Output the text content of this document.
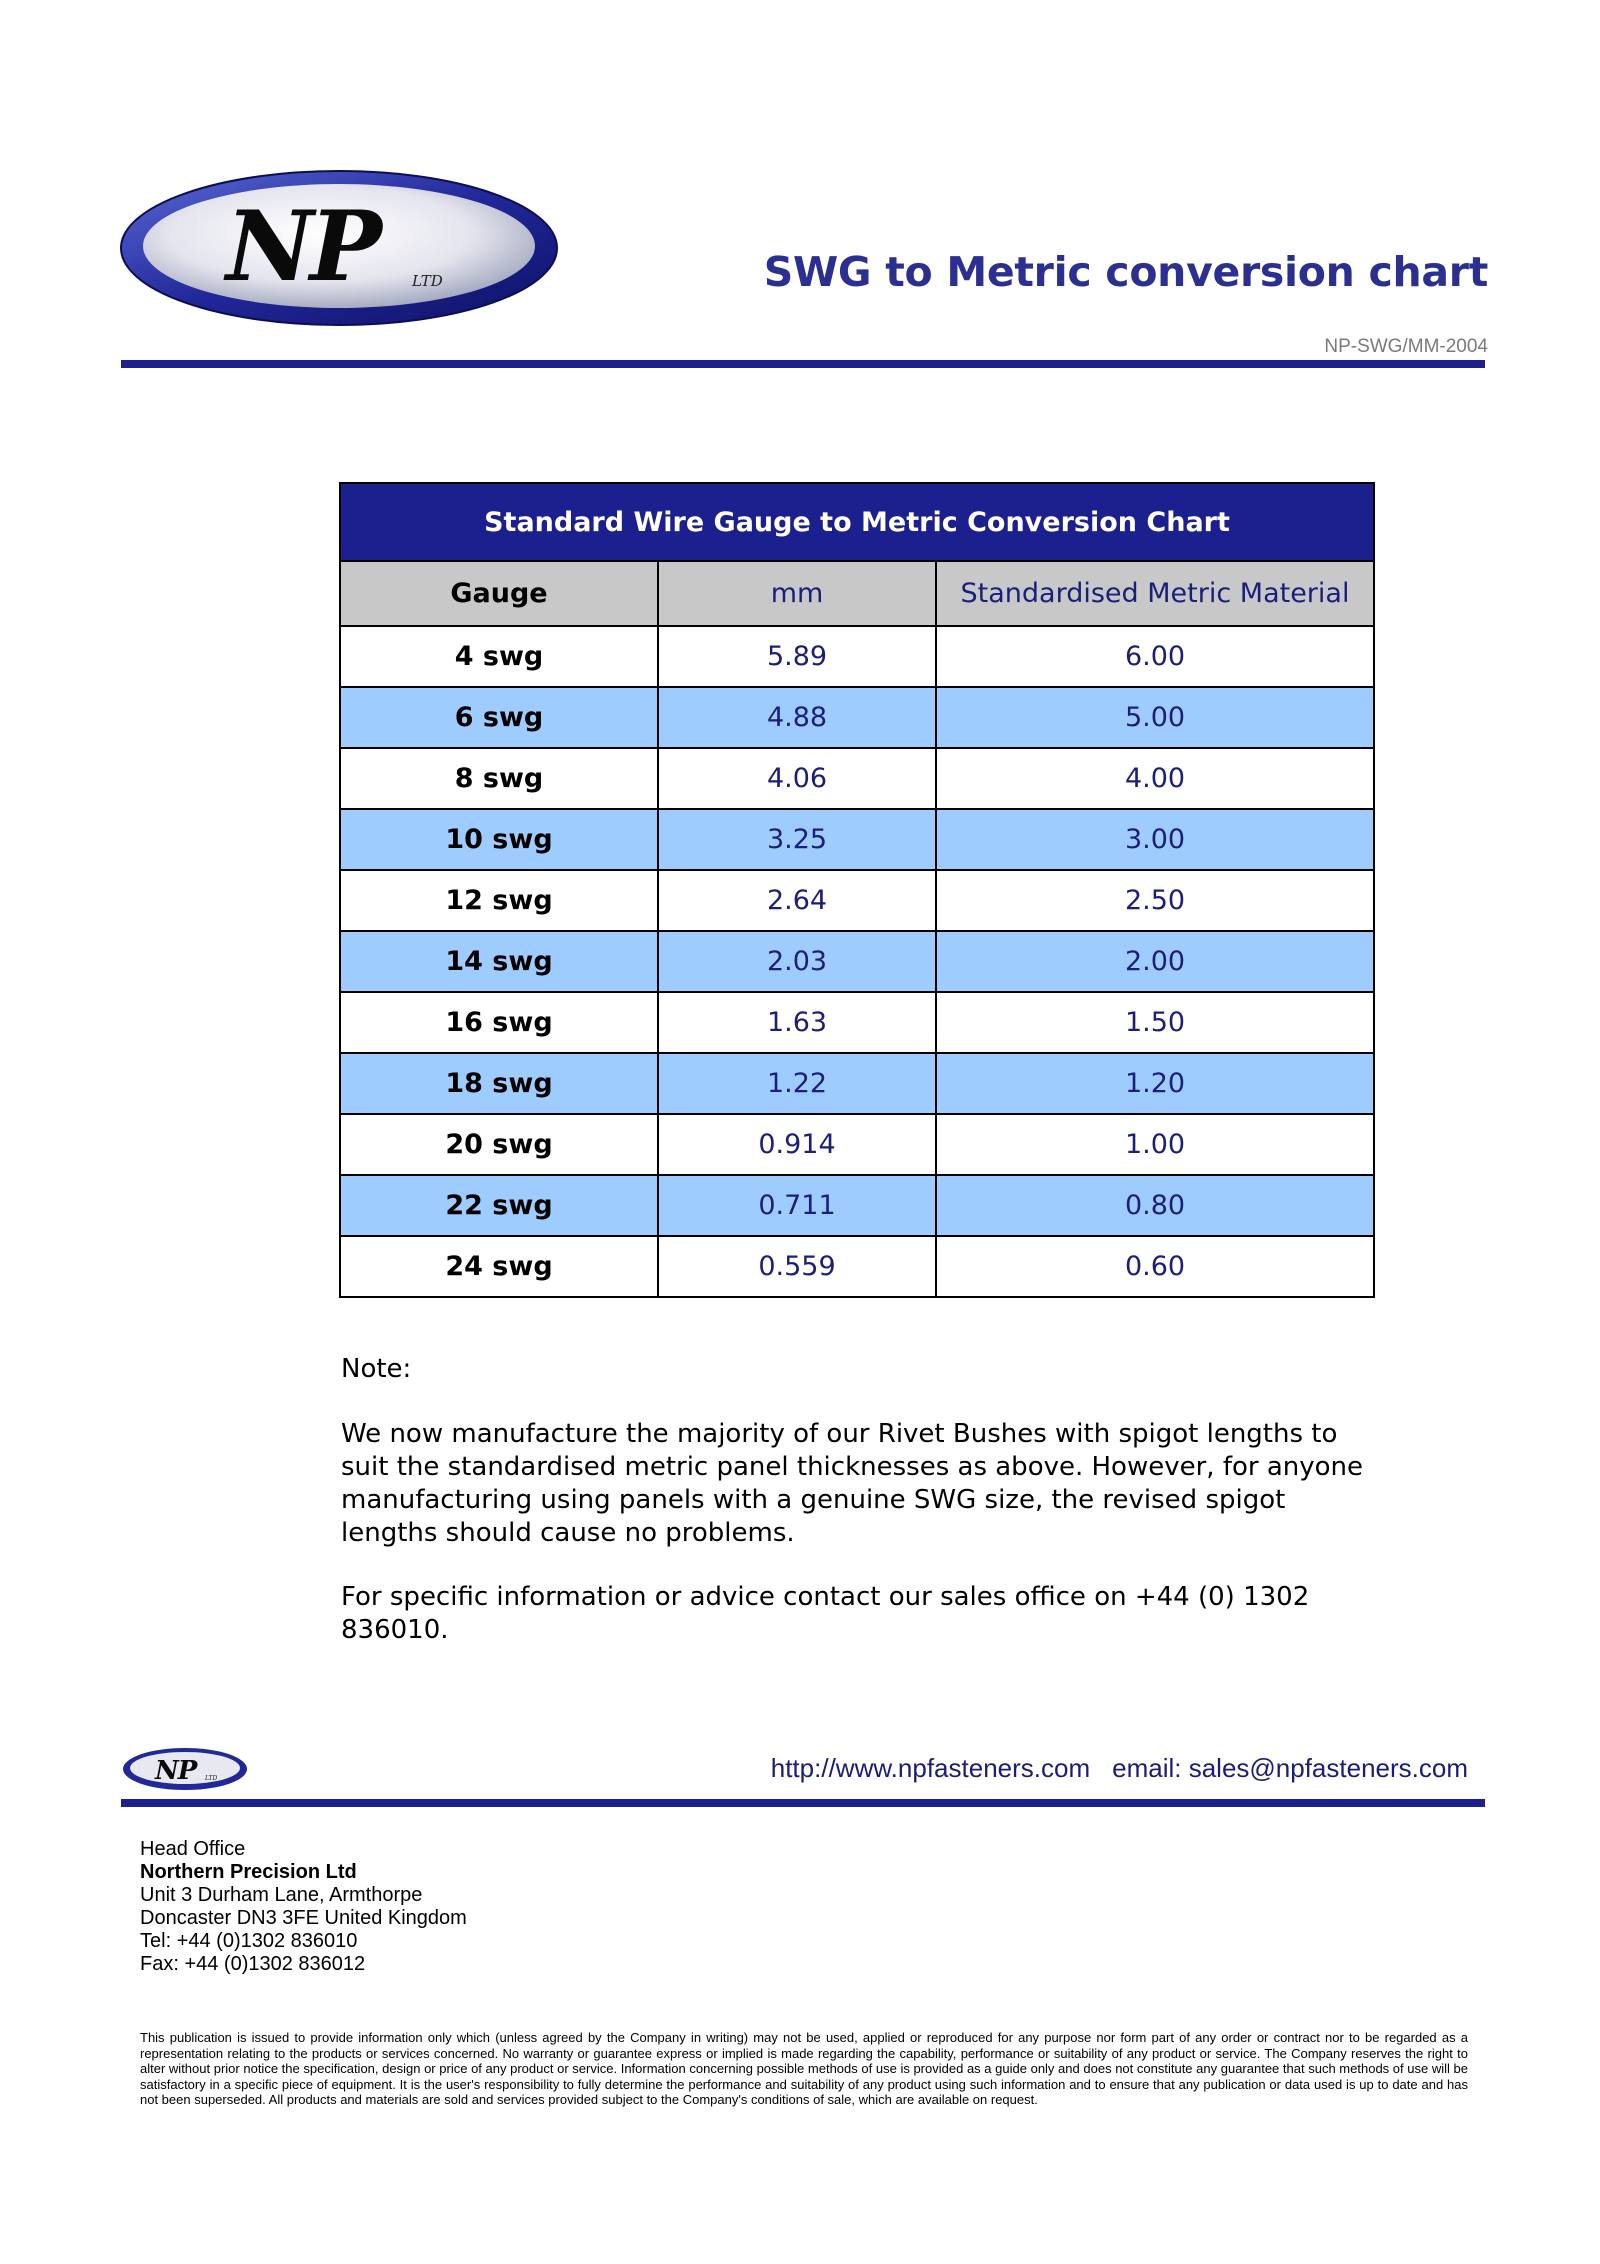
NP	LTD	SWG to Metric conversion chart
NP-SWG/MM-2004
Standard Wire Gauge to Metric Conversion Chart		
Gauge	mm	Standardised Metric Material
4 swg	5.89	6.00
6 swg	4.88	5.00
8 swg	4.06	4.00
10 swg	3.25	3.00
12 swg	2.64	2.50
14 swg	2.03	2.00
16 swg	1.63	1.50
18 swg	1.22	1.20
20 swg	0.914	1.00
22 swg	0.711	0.80
24 swg	0.559	0.60
Note:
We now manufacture the majority of our Rivet Bushes with spigot lengths to suit the standardised metric panel thicknesses as above. However, for anyone manufacturing using panels with a genuine SWG size, the revised spigot lengths should cause no problems.
For specific information or advice contact our sales office on +44 (0) 1302 836010.
NP	LTD	http://www.npfasteners.com email: sales@npfasteners.com
Head Office
Northern Precision Ltd
Unit 3 Durham Lane, Armthorpe
Doncaster DN3 3FE United Kingdom
Tel: +44 (0)1302 836010
Fax: +44 (0)1302 836012
This publication is issued to provide information only which (unless agreed by the Company in writing) may not be used, applied or reproduced for any purpose nor form part of any order or contract nor to be regarded as a representation relating to the products or services concerned. No warranty or guarantee express or implied is made regarding the capability, performance or suitability of any product or service. The Company reserves the right to alter without prior notice the specification, design or price of any product or service. Information concerning possible methods of use is provided as a guide only and does not constitute any guarantee that such methods of use will be satisfactory in a specific piece of equipment. It is the user's responsibility to fully determine the performance and suitability of any product using such information and to ensure that any publication or data used is up to date and has not been superseded. All products and materials are sold and services provided subject to the Company's conditions of sale, which are available on request.
